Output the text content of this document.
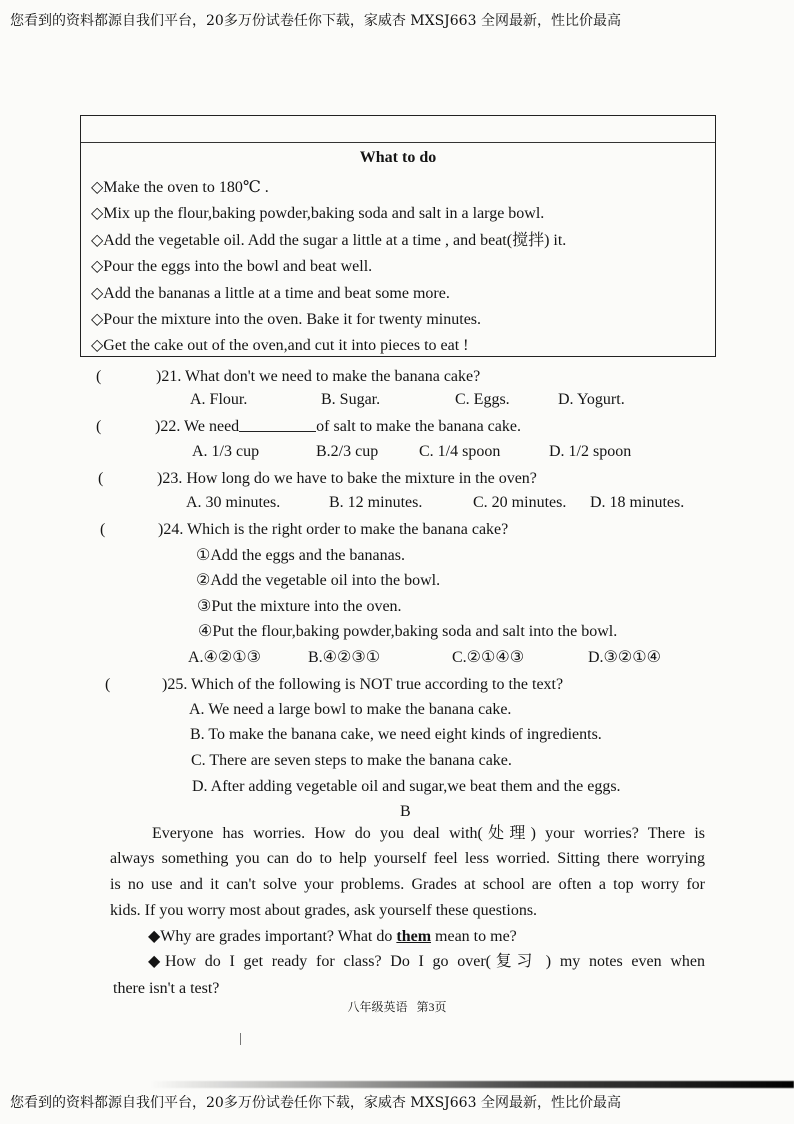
您看到的资料都源自我们平台，20多万份试卷任你下载，家威杏 MXSJ663 全网最新，性比价最高
What to do
◇Make the oven to 180℃ .
◇Mix up the flour,baking powder,baking soda and salt in a large bowl.
◇Add the vegetable oil. Add the sugar a little at a time , and beat(搅拌) it.
◇Pour the eggs into the bowl and beat well.
◇Add the bananas a little at a time and beat some more.
◇Pour the mixture into the oven. Bake it for twenty minutes.
◇Get the cake out of the oven,and cut it into pieces to eat !
(	)21. What don't we need to make the banana cake?
A. Flour.	B. Sugar.	C. Eggs.	D. Yogurt.
(	)22. We need	of salt to make the banana cake.
A. 1/3 cup	B.2/3 cup	C. 1/4 spoon	D. 1/2 spoon
(	)23. How long do we have to bake the mixture in the oven?
A. 30 minutes.	B. 12 minutes.	C. 20 minutes. D. 18 minutes.
(	)24. Which is the right order to make the banana cake?
①Add the eggs and the bananas.
②Add the vegetable oil into the bowl.
③Put the mixture into the oven.
④Put the flour,baking powder,baking soda and salt into the bowl.
A.④②①③	B.④②③①	C.②①④③	D.③②①④
(	)25. Which of the following is NOT true according to the text?
A. We need a large bowl to make the banana cake.
B. To make the banana cake, we need eight kinds of ingredients.
C. There are seven steps to make the banana cake.
D. After adding vegetable oil and sugar,we beat them and the eggs.
B
Everyone has worries. How do you deal with(处理) your worries? There is
always something you can do to help yourself feel less worried. Sitting there worrying
is no use and it can't solve your problems. Grades at school are often a top worry for
kids. If you worry most about grades, ask yourself these questions.
◆Why are grades important? What do them mean to me?
◆How do I get ready for class? Do I go over(复习 ) my notes even when
there isn't a test?
八年级英语   第3页
您看到的资料都源自我们平台，20多万份试卷任你下载，家威杏 MXSJ663 全网最新，性比价最高
